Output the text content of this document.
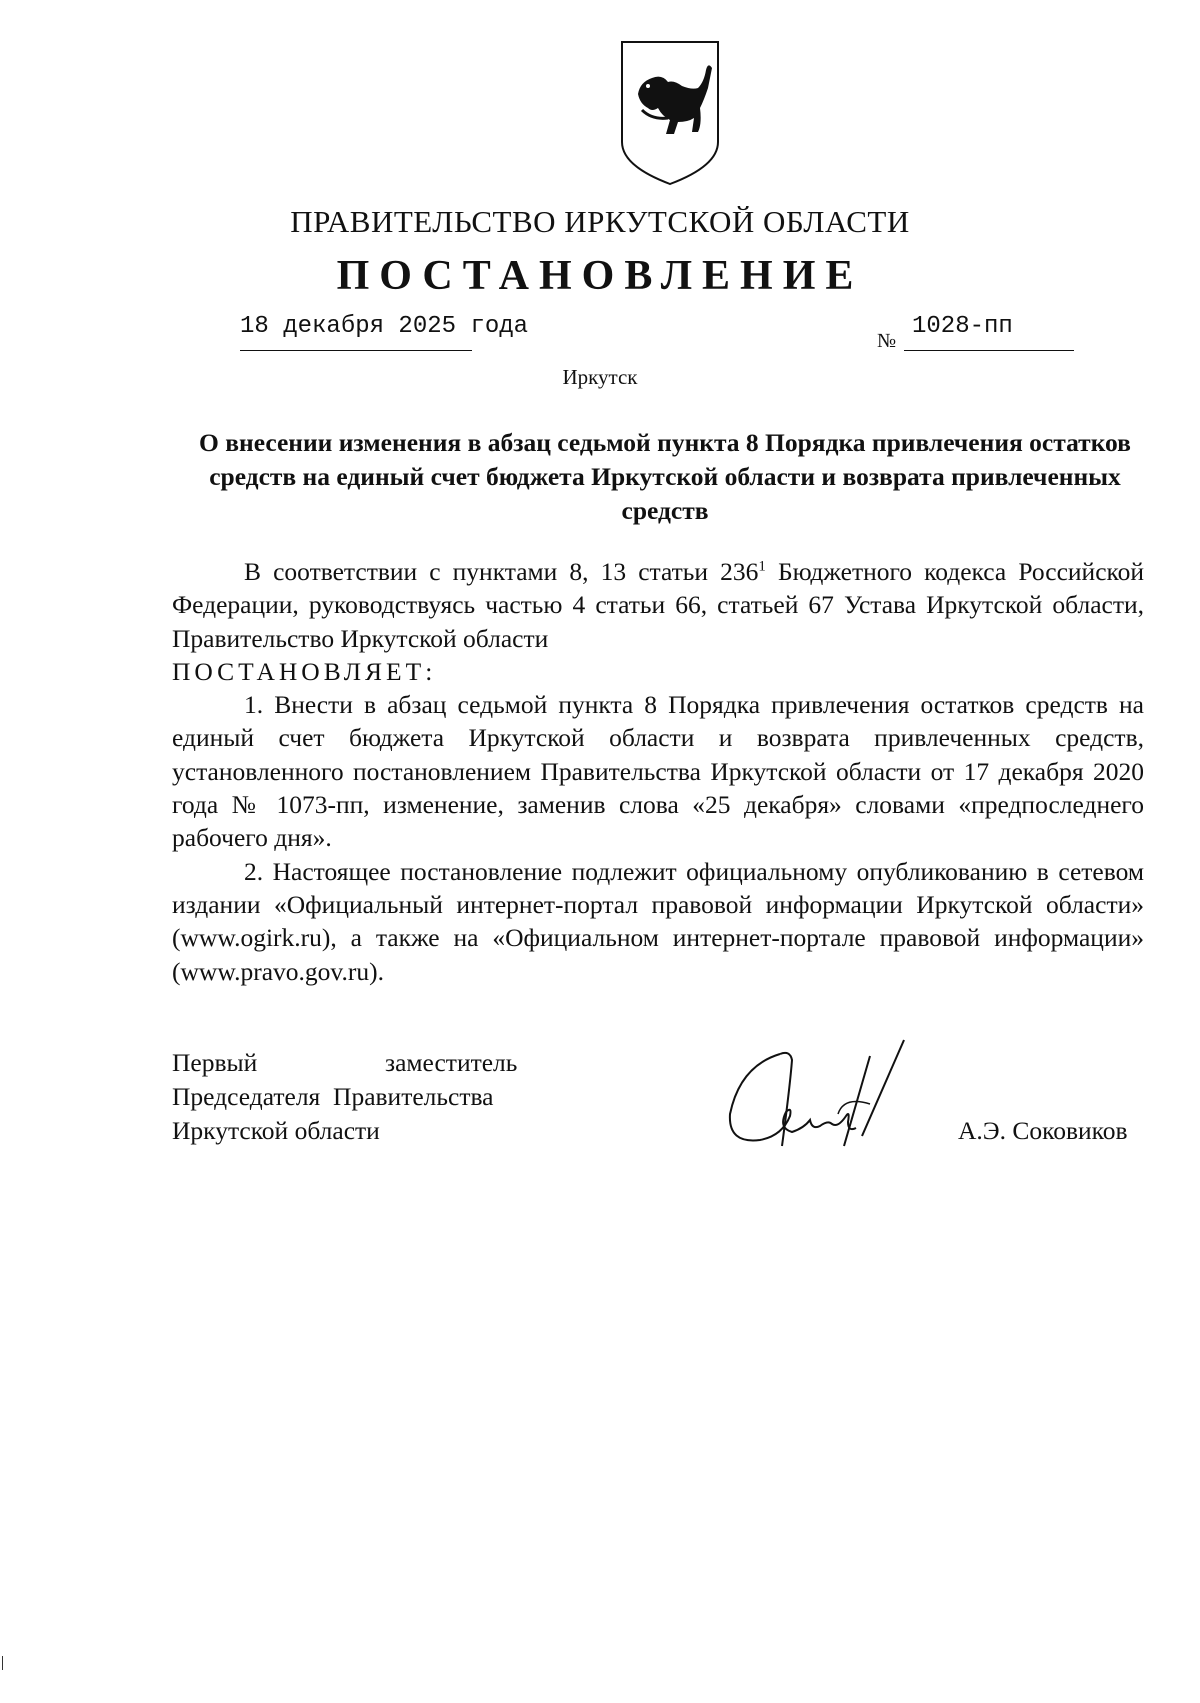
ПРАВИТЕЛЬСТВО ИРКУТСКОЙ ОБЛАСТИ
ПОСТАНОВЛЕНИЕ
18 декабря 2025 года
№
1028-пп
Иркутск
О внесении изменения в абзац седьмой пункта 8 Порядка привлечения остатков средств на единый счет бюджета Иркутской области и возврата привлеченных средств

В соответствии с пунктами 8, 13 статьи $236^1$ Бюджетного кодекса Российской Федерации, руководствуясь частью 4 статьи 66, статьей 67 Устава Иркутской области, Правительство Иркутской области

ПОСТАНОВЛЯЕТ:

1. Внести в абзац седьмой пункта 8 Порядка привлечения остатков средств на единый счет бюджета Иркутской области и возврата привлеченных средств, установленного постановлением Правительства Иркутской области от 17 декабря 2020 года № 1073-пп, изменение, заменив слова «25 декабря» словами «предпоследнего рабочего дня».

2. Настоящее постановление подлежит официальному опубликованию в сетевом издании «Официальный интернет-портал правовой информации Иркутской области» (www.ogirk.ru), а также на «Официальном интернет-портале правовой информации» (www.pravo.gov.ru).

Первый	заместитель
Председателя  Правительства
Иркутской области	А.Э. Соковиков
